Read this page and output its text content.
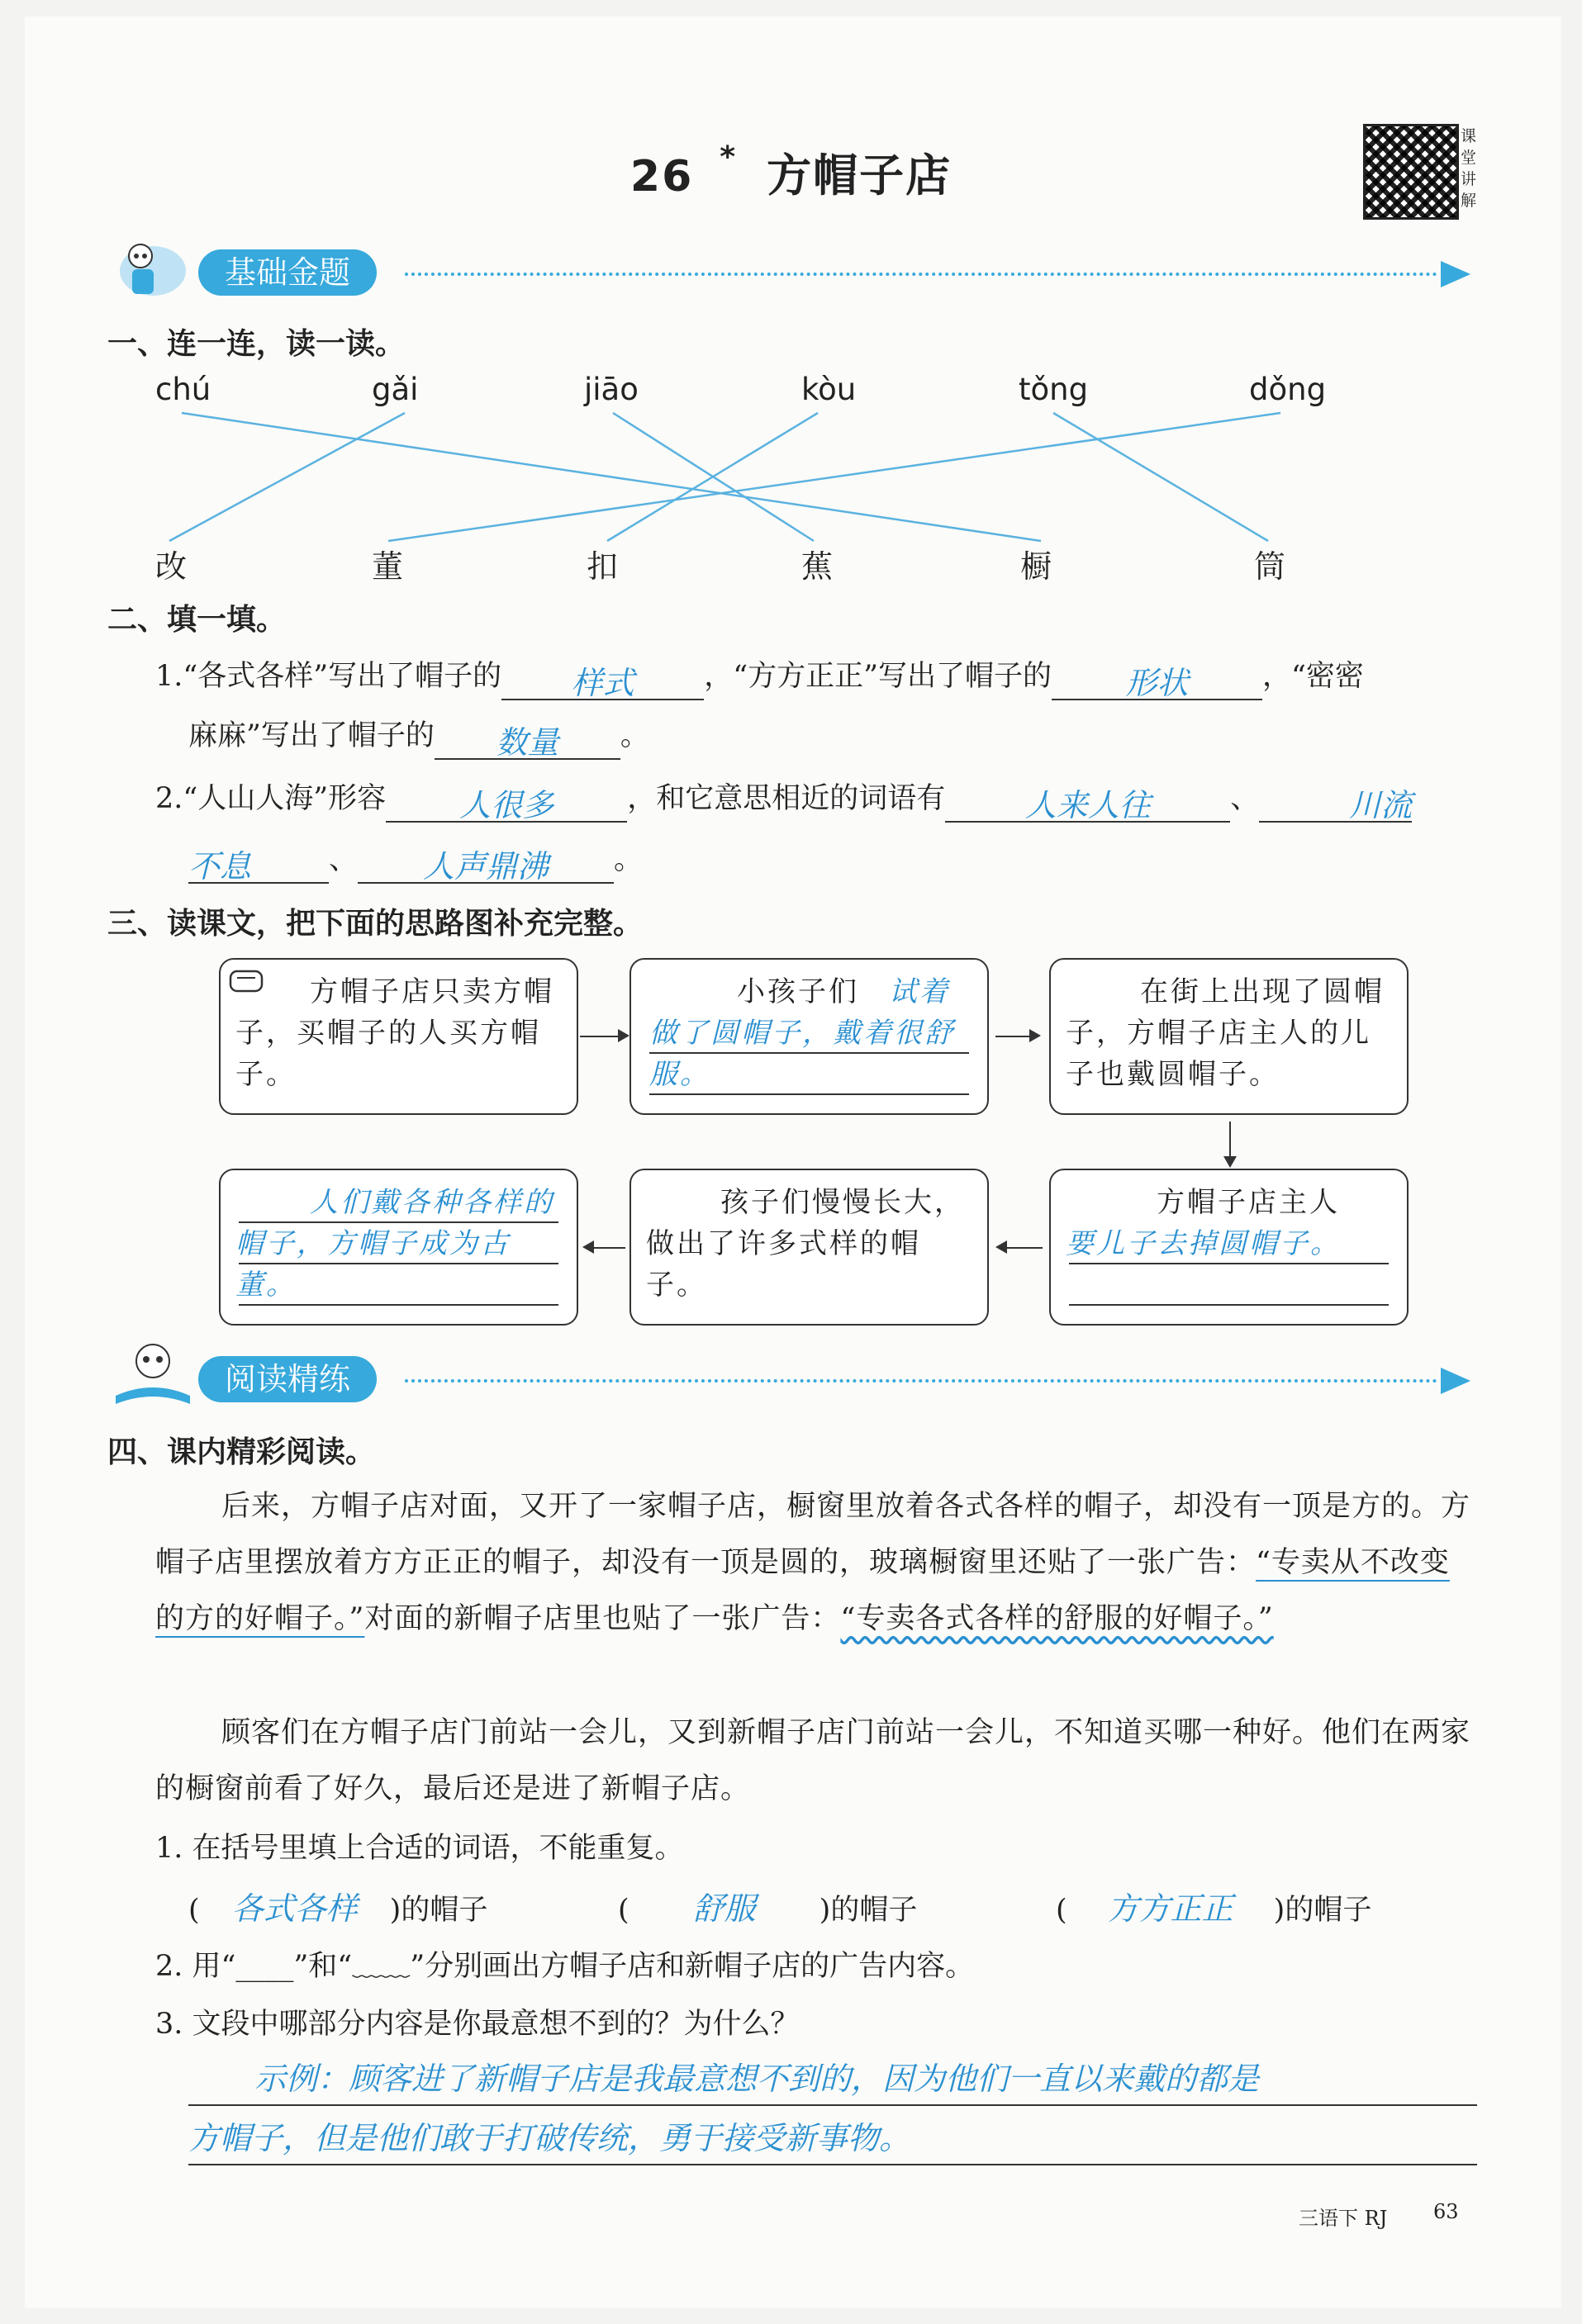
26 * 方帽子店
课
堂
讲
解
基础金题
一、连一连，读一读。
chú	gǎi	jiāo	kòu	tǒng	dǒng
改	董	扣	蕉	橱	筒
二、填一填。
1.“各式各样”写出了帽子的 样式 ，“方方正正”写出了帽子的 形状	，“密密
麻麻”写出了帽子的 数量 。
2.“人山人海”形容 人很多	，和它意思相近的词语有	人来人往	、	川流
不息	、 人声鼎沸 。
三、读课文，把下面的思路图补充完整。
方帽子店只卖方帽子，买帽子的人买方帽子。
小孩子们	试着做了圆帽子，戴着很舒服。
在街上出现了圆帽子，方帽子店主人的儿子也戴圆帽子。
方帽子店主人
要儿子去掉圆帽子。
孩子们慢慢长大，做出了许多式样的帽子。
人们戴各种各样的帽子，方帽子成为古董。
阅读精练
四、课内精彩阅读。
后来，方帽子店对面，又开了一家帽子店，橱窗里放着各式各样的帽子，却没有一顶是方的。方帽子店里摆放着方方正正的帽子，却没有一顶是圆的，玻璃橱窗里还贴了一张广告：“专卖从不改变的方的好帽子。”对面的新帽子店里也贴了一张广告：“专卖各式各样的舒服的好帽子。”
顾客们在方帽子店门前站一会儿，又到新帽子店门前站一会儿，不知道买哪一种好。他们在两家的橱窗前看了好久，最后还是进了新帽子店。
1. 在括号里填上合适的词语，不能重复。
( 各式各样 )的帽子	( 舒服 )的帽子	( 方方正正 )的帽子
2. 用“____”和“﹏﹏”分别画出方帽子店和新帽子店的广告内容。
3. 文段中哪部分内容是你最意想不到的？为什么？
示例：顾客进了新帽子店是我最意想不到的，因为他们一直以来戴的都是
方帽子，但是他们敢于打破传统，勇于接受新事物。
三语下 RJ 63
